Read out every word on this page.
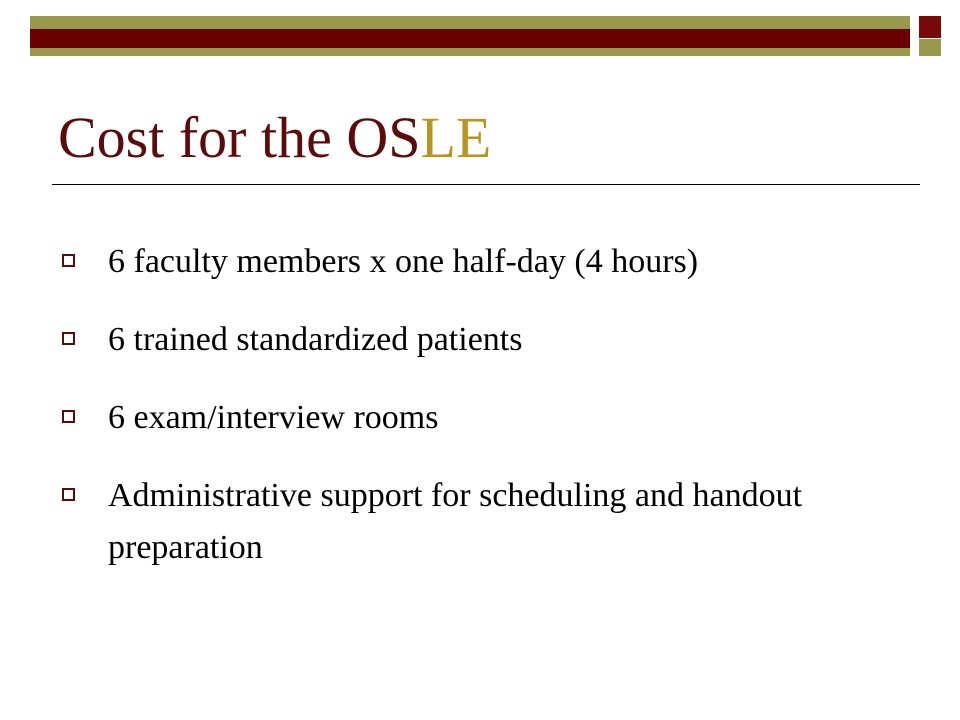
Cost for the OSLE
6 faculty members x one half-day (4 hours)
6 trained standardized patients
6 exam/interview rooms
Administrative support for scheduling and handout preparation
